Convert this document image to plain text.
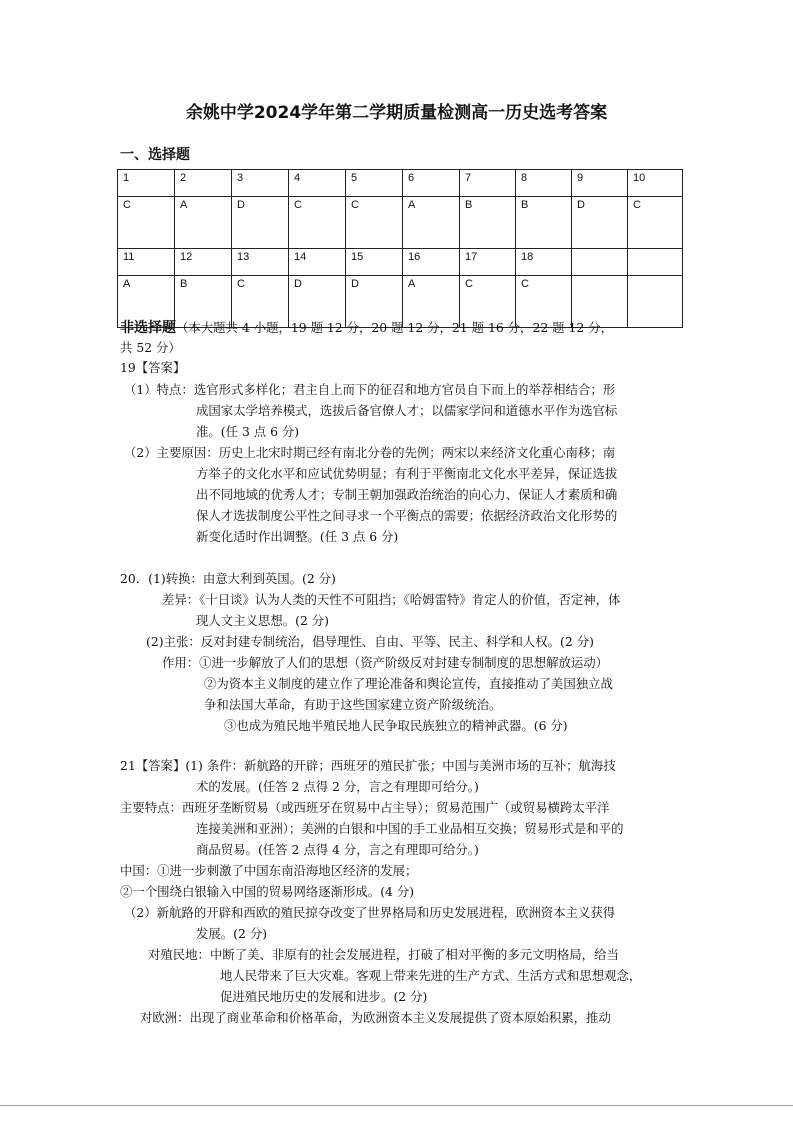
余姚中学2024学年第二学期质量检测高一历史选考答案
一、选择题
1	2	3	4	5	6	7	8	9	10
C	A	D	C	C	A	B	B	D	C
11	12	13	14	15	16	17	18		
A	B	C	D	D	A	C	C		
非选择题（本大题共 4 小题，19 题 12 分，20 题 12 分，21 题 16 分，22 题 12 分，
共 52 分）
19【答案】
（1）特点：选官形式多样化；君主自上而下的征召和地方官员自下而上的举荐相结合；形
成国家太学培养模式，选拔后备官僚人才；以儒家学问和道德水平作为选官标
准。(任 3 点 6 分)
（2）主要原因：历史上北宋时期已经有南北分卷的先例；两宋以来经济文化重心南移；南
方举子的文化水平和应试优势明显；有利于平衡南北文化水平差异，保证选拔
出不同地域的优秀人才；专制王朝加强政治统治的向心力、保证人才素质和确
保人才选拔制度公平性之间寻求一个平衡点的需要；依据经济政治文化形势的
新变化适时作出调整。(任 3 点 6 分)
20．(1)转换：由意大利到英国。(2 分)
差异：《十日谈》认为人类的天性不可阻挡；《哈姆雷特》肯定人的价值，否定神，体
现人文主义思想。(2 分)
(2)主张：反对封建专制统治，倡导理性、自由、平等、民主、科学和人权。(2 分)
作用：①进一步解放了人们的思想（资产阶级反对封建专制制度的思想解放运动）
②为资本主义制度的建立作了理论准备和舆论宣传，直接推动了美国独立战
争和法国大革命，有助于这些国家建立资产阶级统治。
③也成为殖民地半殖民地人民争取民族独立的精神武器。(6 分)
21【答案】(1) 条件：新航路的开辟；西班牙的殖民扩张；中国与美洲市场的互补；航海技
术的发展。(任答 2 点得 2 分，言之有理即可给分。)
主要特点：西班牙垄断贸易（或西班牙在贸易中占主导）；贸易范围广（或贸易横跨太平洋
连接美洲和亚洲）；美洲的白银和中国的手工业品相互交换；贸易形式是和平的
商品贸易。(任答 2 点得 4 分，言之有理即可给分。)
中国：①进一步刺激了中国东南沿海地区经济的发展；
②一个围绕白银输入中国的贸易网络逐渐形成。(4 分)
（2）新航路的开辟和西欧的殖民掠夺改变了世界格局和历史发展进程，欧洲资本主义获得
发展。(2 分)
对殖民地：中断了美、非原有的社会发展进程，打破了相对平衡的多元文明格局，给当
地人民带来了巨大灾难。客观上带来先进的生产方式、生活方式和思想观念，
促进殖民地历史的发展和进步。(2 分)
对欧洲：出现了商业革命和价格革命，为欧洲资本主义发展提供了资本原始积累，推动
